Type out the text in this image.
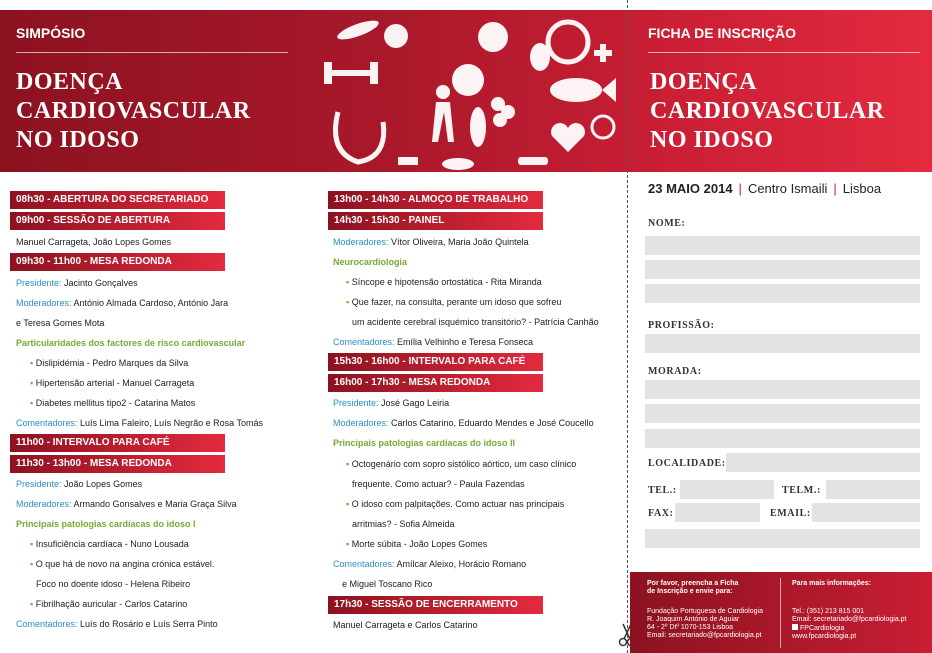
SIMPÓSIO
DOENÇA
CARDIOVASCULAR
NO IDOSO
FICHA DE INSCRIÇÃO
DOENÇA
CARDIOVASCULAR
NO IDOSO
08h30 - ABERTURA DO SECRETARIADO
09h00 - SESSÃO DE ABERTURA
Manuel Carrageta, João Lopes Gomes
09h30 - 11h00 - MESA REDONDA
Presidente: Jacinto Gonçalves
Moderadores: António Almada Cardoso, António Jara
e Teresa Gomes Mota
Particularidades dos factores de risco cardiovascular
▪ Dislipidémia - Pedro Marques da Silva
▪ Hipertensão arterial - Manuel Carrageta
▪ Diabetes mellitus tipo2 - Catarina Matos
Comentadores: Luís Lima Faleiro, Luís Negrão e Rosa Tomás
11h00 - INTERVALO PARA CAFÉ
11h30 - 13h00 - MESA REDONDA
Presidente: João Lopes Gomes
Moderadores: Armando Gonsalves e Maria Graça Silva
Principais patologias cardíacas do idoso I
▪ Insuficiência cardíaca - Nuno Lousada
▪ O que há de novo na angina crónica estável.
Foco no doente idoso - Helena Ribeiro
▪ Fibrilhação auricular - Carlos Catarino
Comentadores: Luís do Rosário e Luís Serra Pinto
13h00 - 14h30 - ALMOÇO DE TRABALHO
14h30 - 15h30 - PAINEL
Moderadores: Vítor Oliveira, Maria João Quintela
Neurocardiologia
▪ Síncope e hipotensão ortostática - Rita Miranda
▪ Que fazer, na consulta, perante um idoso que sofreu
um acidente cerebral isquémico transitório? - Patrícia Canhão
Comentadores: Emília Velhinho e Teresa Fonseca
15h30 - 16h00 - INTERVALO PARA CAFÉ
16h00 - 17h30 - MESA REDONDA
Presidente: José Gago Leiria
Moderadores: Carlos Catarino, Eduardo Mendes e José Coucello
Principais patologias cardíacas do idoso II
▪ Octogenário com sopro sistólico aórtico, um caso clínico
frequente. Como actuar? - Paula Fazendas
▪ O idoso com palpitações. Como actuar nas principais
arritmias? - Sofia Almeida
▪ Morte súbita - João Lopes Gomes
Comentadores: Amílcar Aleixo, Horácio Romano
e Miguel Toscano Rico
17h30 - SESSÃO DE ENCERRAMENTO
Manuel Carrageta e Carlos Catarino
23 MAIO 2014 | Centro Ismaili | Lisboa
NOME:
PROFISSÃO:
MORADA:
LOCALIDADE:
TEL.:	TELM.:
FAX:	EMAIL:
Por favor, preencha a Ficha
de Inscrição e envie para:
Fundação Portuguesa de Cardiologia
R. Joaquim António de Aguiar
64 - 2º Dtº 1070-153 Lisboa
Email: secretariado@fpcardiologia.pt
Para mais informações:
Tel.: (351) 213 815 001
Email: secretariado@fpcardiologia.pt
FPCardiologia
www.fpcardiologia.pt
